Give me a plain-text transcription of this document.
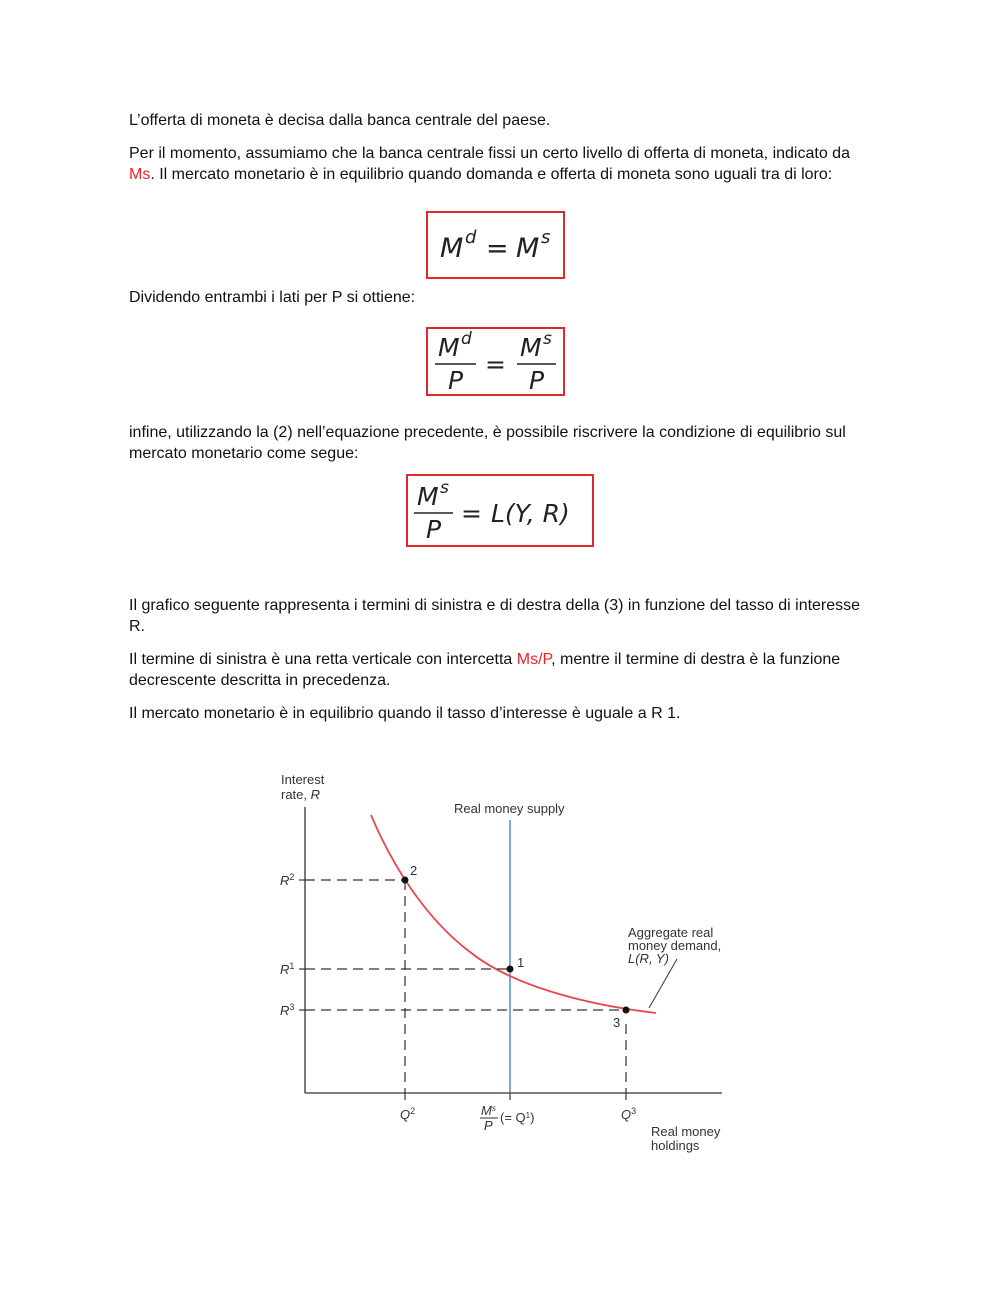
L’offerta di moneta è decisa dalla banca centrale del paese.

Per il momento, assumiamo che la banca centrale fissi un certo livello di offerta di moneta, indicato da Ms. Il mercato monetario è in equilibrio quando domanda e offerta di moneta sono uguali tra di loro:

M d = M s

Dividendo entrambi i lati per P si ottiene:

M d
P
=
M s
P

infine, utilizzando la (2) nell’equazione precedente, è possibile riscrivere la condizione di equilibrio sul mercato monetario come segue:

M s
P
= L(Y, R)

Il grafico seguente rappresenta i termini di sinistra e di destra della (3) in funzione del tasso di interesse R.

Il termine di sinistra è una retta verticale con intercetta Ms/P, mentre il termine di destra è la funzione decrescente descritta in precedenza.

Il mercato monetario è in equilibrio quando il tasso d’interesse è uguale a R 1.

Interest
rate, R
Real money supply
$R^2$
$R^1$
$R^3$
$Q^2$	$M^s$
P
(= $Q^1$)	$Q^3$
Real money
holdings
Aggregate real
money demand,
L(R, Y)
2
1
3
